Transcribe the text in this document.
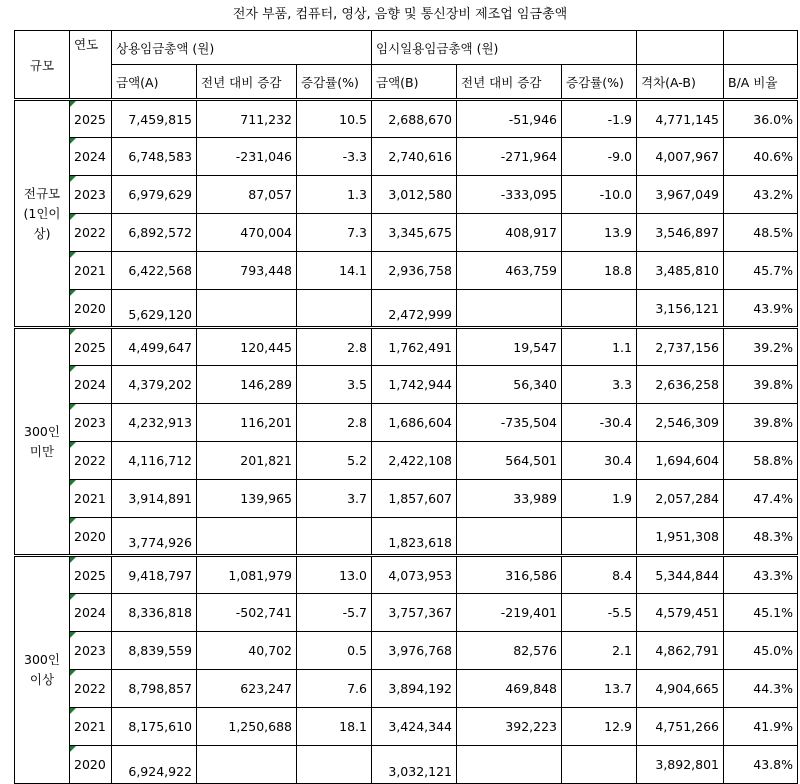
전자 부품, 컴퓨터, 영상, 음향 및 통신장비 제조업 임금총액
규모	연도	상용임금총액 (원)			임시일용임금총액 (원)				
		금액(A)	전년 대비 증감	증감률(%)	금액(B)	전년 대비 증감	증감률(%)	격차(A-B)	B/A 비율
전규모
(1인이
상)	2025	7,459,815	711,232	10.5	2,688,670	-51,946	-1.9	4,771,145	36.0%
	2024	6,748,583	-231,046	-3.3	2,740,616	-271,964	-9.0	4,007,967	40.6%
	2023	6,979,629	87,057	1.3	3,012,580	-333,095	-10.0	3,967,049	43.2%
	2022	6,892,572	470,004	7.3	3,345,675	408,917	13.9	3,546,897	48.5%
	2021	6,422,568	793,448	14.1	2,936,758	463,759	18.8	3,485,810	45.7%
	2020	5,629,120			2,472,999			3,156,121	43.9%
300인
미만	2025	4,499,647	120,445	2.8	1,762,491	19,547	1.1	2,737,156	39.2%
	2024	4,379,202	146,289	3.5	1,742,944	56,340	3.3	2,636,258	39.8%
	2023	4,232,913	116,201	2.8	1,686,604	-735,504	-30.4	2,546,309	39.8%
	2022	4,116,712	201,821	5.2	2,422,108	564,501	30.4	1,694,604	58.8%
	2021	3,914,891	139,965	3.7	1,857,607	33,989	1.9	2,057,284	47.4%
	2020	3,774,926			1,823,618			1,951,308	48.3%
300인
이상	2025	9,418,797	1,081,979	13.0	4,073,953	316,586	8.4	5,344,844	43.3%
	2024	8,336,818	-502,741	-5.7	3,757,367	-219,401	-5.5	4,579,451	45.1%
	2023	8,839,559	40,702	0.5	3,976,768	82,576	2.1	4,862,791	45.0%
	2022	8,798,857	623,247	7.6	3,894,192	469,848	13.7	4,904,665	44.3%
	2021	8,175,610	1,250,688	18.1	3,424,344	392,223	12.9	4,751,266	41.9%
	2020	6,924,922			3,032,121			3,892,801	43.8%
